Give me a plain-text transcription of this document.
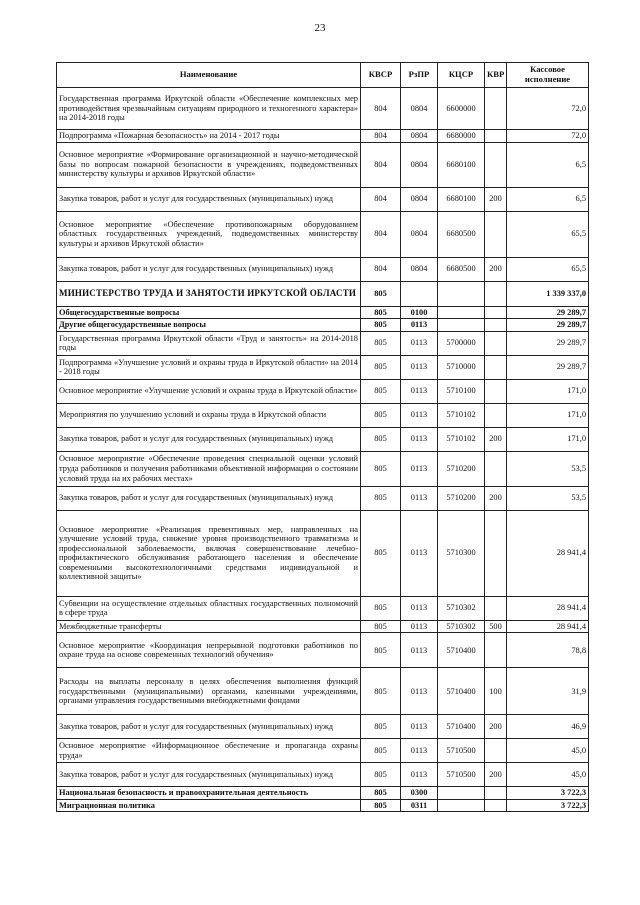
23
Наименование	КВСР	РзПР	КЦСР	КВР	Кассовое исполнение
Государственная программа Иркутской области «Обеспечение комплексных мер противодействия чрезвычайным ситуациям природного и техногенного характера» на 2014-2018 годы	804	0804	6600000		72,0
Подпрограмма «Пожарная безопасность» на 2014 - 2017 годы	804	0804	6680000		72,0
Основное мероприятие «Формирование организационной и научно-методической базы по вопросам пожарной безопасности в учреждениях, подведомственных министерству культуры и архивов Иркутской области»	804	0804	6680100		6,5
Закупка товаров, работ и услуг для государственных (муниципальных) нужд	804	0804	6680100	200	6,5
Основное мероприятие «Обеспечение противопожарным оборудованием областных государственных учреждений, подведомственных министерству культуры и архивов Иркутской области»	804	0804	6680500		65,5
Закупка товаров, работ и услуг для государственных (муниципальных) нужд	804	0804	6680500	200	65,5
МИНИСТЕРСТВО ТРУДА И ЗАНЯТОСТИ ИРКУТСКОЙ ОБЛАСТИ	805				1 339 337,0
Общегосударственные вопросы	805	0100			29 289,7
Другие общегосударственные вопросы	805	0113			29 289,7
Государственная программа Иркутской области «Труд и занятость» на 2014-2018 годы	805	0113	5700000		29 289,7
Подпрограмма «Улучшение условий и охраны труда в Иркутской области» на 2014 - 2018 годы	805	0113	5710000		29 289,7
Основное мероприятие «Улучшение условий и охраны труда в Иркутской области»	805	0113	5710100		171,0
Мероприятия по улучшению условий и охраны труда в Иркутской области	805	0113	5710102		171,0
Закупка товаров, работ и услуг для государственных (муниципальных) нужд	805	0113	5710102	200	171,0
Основное мероприятие «Обеспечение проведения специальной оценки условий труда работников и получения работниками объективной информации о состоянии условий труда на их рабочих местах»	805	0113	5710200		53,5
Закупка товаров, работ и услуг для государственных (муниципальных) нужд	805	0113	5710200	200	53,5
Основное мероприятие «Реализация превентивных мер, направленных на улучшение условий труда, снижение уровня производственного травматизма и профессиональной заболеваемости, включая совершенствование лечебно-профилактического обслуживания работающего населения и обеспечение современными высокотехнологичными средствами индивидуальной и коллективной защиты»	805	0113	5710300		28 941,4
Субвенции на осуществление отдельных областных государственных полномочий в сфере труда	805	0113	5710302		28 941,4
Межбюджетные трансферты	805	0113	5710302	500	28 941,4
Основное мероприятие «Координация непрерывной подготовки работников по охране труда на основе современных технологий обучения»	805	0113	5710400		78,8
Расходы на выплаты персоналу в целях обеспечения выполнения функций государственными (муниципальными) органами, казенными учреждениями, органами управления государственными внебюджетными фондами	805	0113	5710400	100	31,9
Закупка товаров, работ и услуг для государственных (муниципальных) нужд	805	0113	5710400	200	46,9
Основное мероприятие «Информационное обеспечение и пропаганда охраны труда»	805	0113	5710500		45,0
Закупка товаров, работ и услуг для государственных (муниципальных) нужд	805	0113	5710500	200	45,0
Национальная безопасность и правоохранительная деятельность	805	0300			3 722,3
Миграционная политика	805	0311			3 722,3
